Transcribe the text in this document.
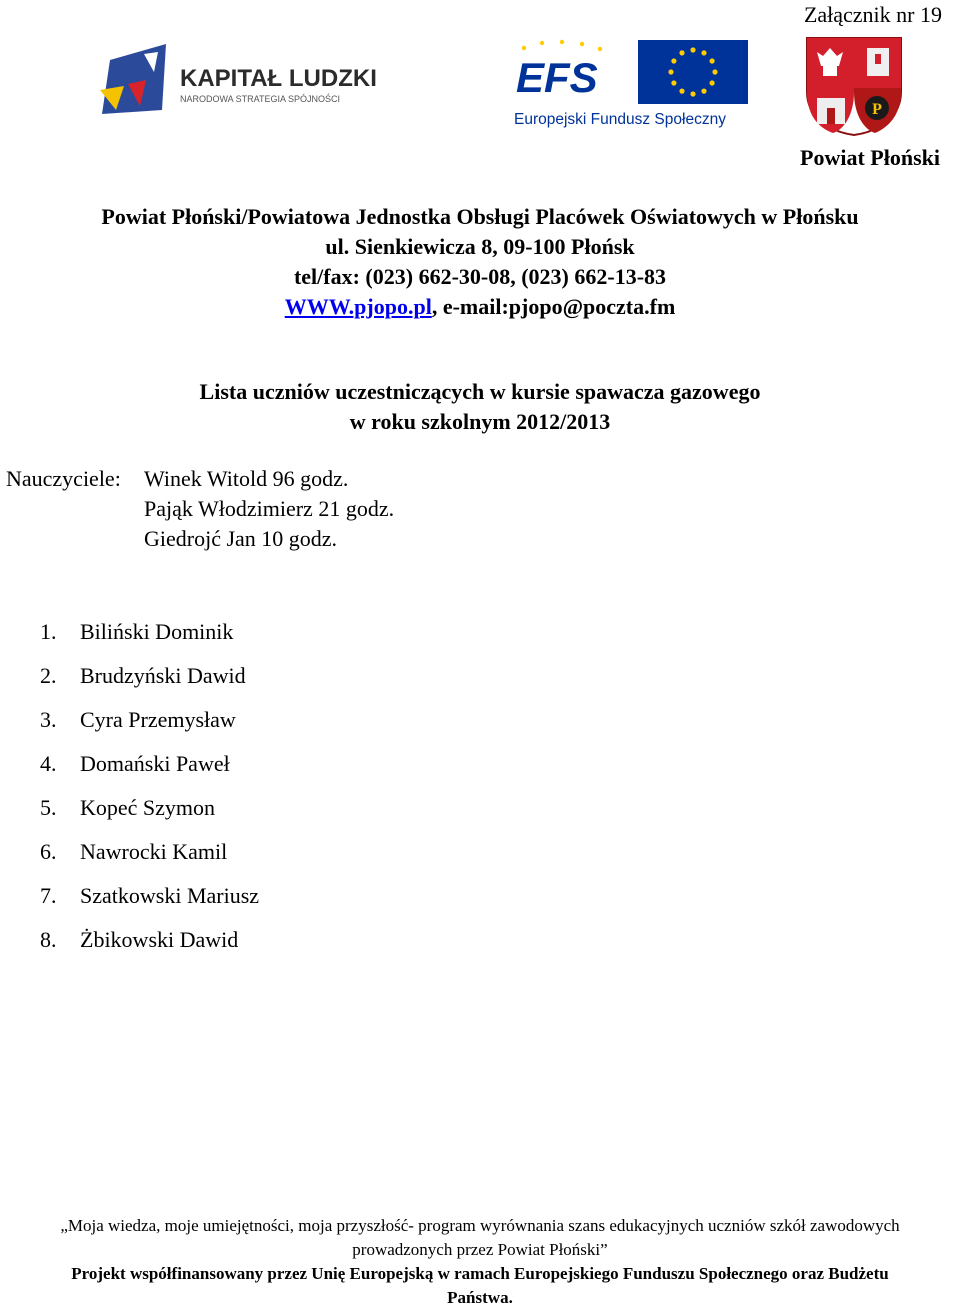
Załącznik nr 19
KAPITAŁ LUDZKI
NARODOWA STRATEGIA SPÓJNOŚCI	EFS
Europejski Fundusz Społeczny
P
Powiat Płoński
Powiat Płoński/Powiatowa Jednostka Obsługi Placówek Oświatowych w Płońsku
ul. Sienkiewicza 8, 09-100 Płońsk
tel/fax: (023) 662-30-08, (023) 662-13-83
WWW.pjopo.pl, e-mail:pjopo@poczta.fm
Lista uczniów uczestniczących w kursie spawacza gazowego
w roku szkolnym 2012/2013
Nauczyciele:	Winek Witold 96 godz.
Pająk Włodzimierz 21 godz.
Giedrojć Jan 10 godz.
1.	Biliński Dominik
2.	Brudzyński Dawid
3.	Cyra Przemysław
4.	Domański Paweł
5.	Kopeć Szymon
6.	Nawrocki Kamil
7.	Szatkowski Mariusz
8.	Żbikowski Dawid
„Moja wiedza, moje umiejętności, moja przyszłość- program wyrównania szans edukacyjnych uczniów szkół zawodowych
prowadzonych przez Powiat Płoński”
Projekt współfinansowany przez Unię Europejską w ramach Europejskiego Funduszu Społecznego oraz Budżetu
Państwa.
